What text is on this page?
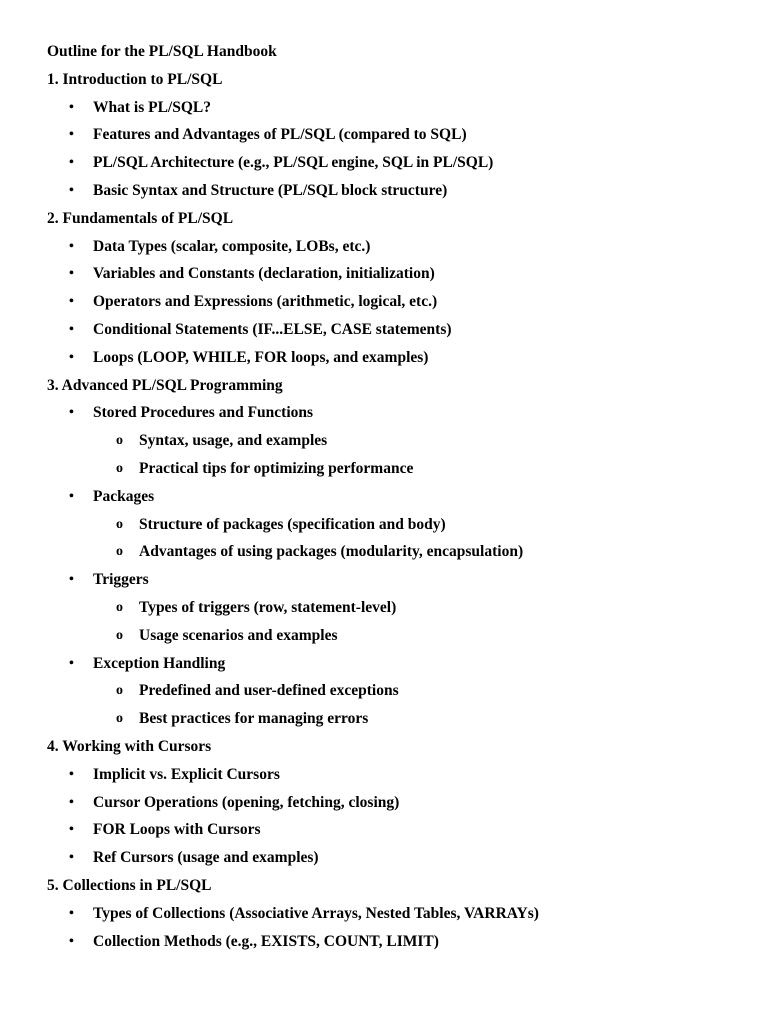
Outline for the PL/SQL Handbook
1. Introduction to PL/SQL
• What is PL/SQL?
• Features and Advantages of PL/SQL (compared to SQL)
• PL/SQL Architecture (e.g., PL/SQL engine, SQL in PL/SQL)
• Basic Syntax and Structure (PL/SQL block structure)
2. Fundamentals of PL/SQL
• Data Types (scalar, composite, LOBs, etc.)
• Variables and Constants (declaration, initialization)
• Operators and Expressions (arithmetic, logical, etc.)
• Conditional Statements (IF...ELSE, CASE statements)
• Loops (LOOP, WHILE, FOR loops, and examples)
3. Advanced PL/SQL Programming
• Stored Procedures and Functions
o Syntax, usage, and examples
o Practical tips for optimizing performance
• Packages
o Structure of packages (specification and body)
o Advantages of using packages (modularity, encapsulation)
• Triggers
o Types of triggers (row, statement-level)
o Usage scenarios and examples
• Exception Handling
o Predefined and user-defined exceptions
o Best practices for managing errors
4. Working with Cursors
• Implicit vs. Explicit Cursors
• Cursor Operations (opening, fetching, closing)
• FOR Loops with Cursors
• Ref Cursors (usage and examples)
5. Collections in PL/SQL
• Types of Collections (Associative Arrays, Nested Tables, VARRAYs)
• Collection Methods (e.g., EXISTS, COUNT, LIMIT)
